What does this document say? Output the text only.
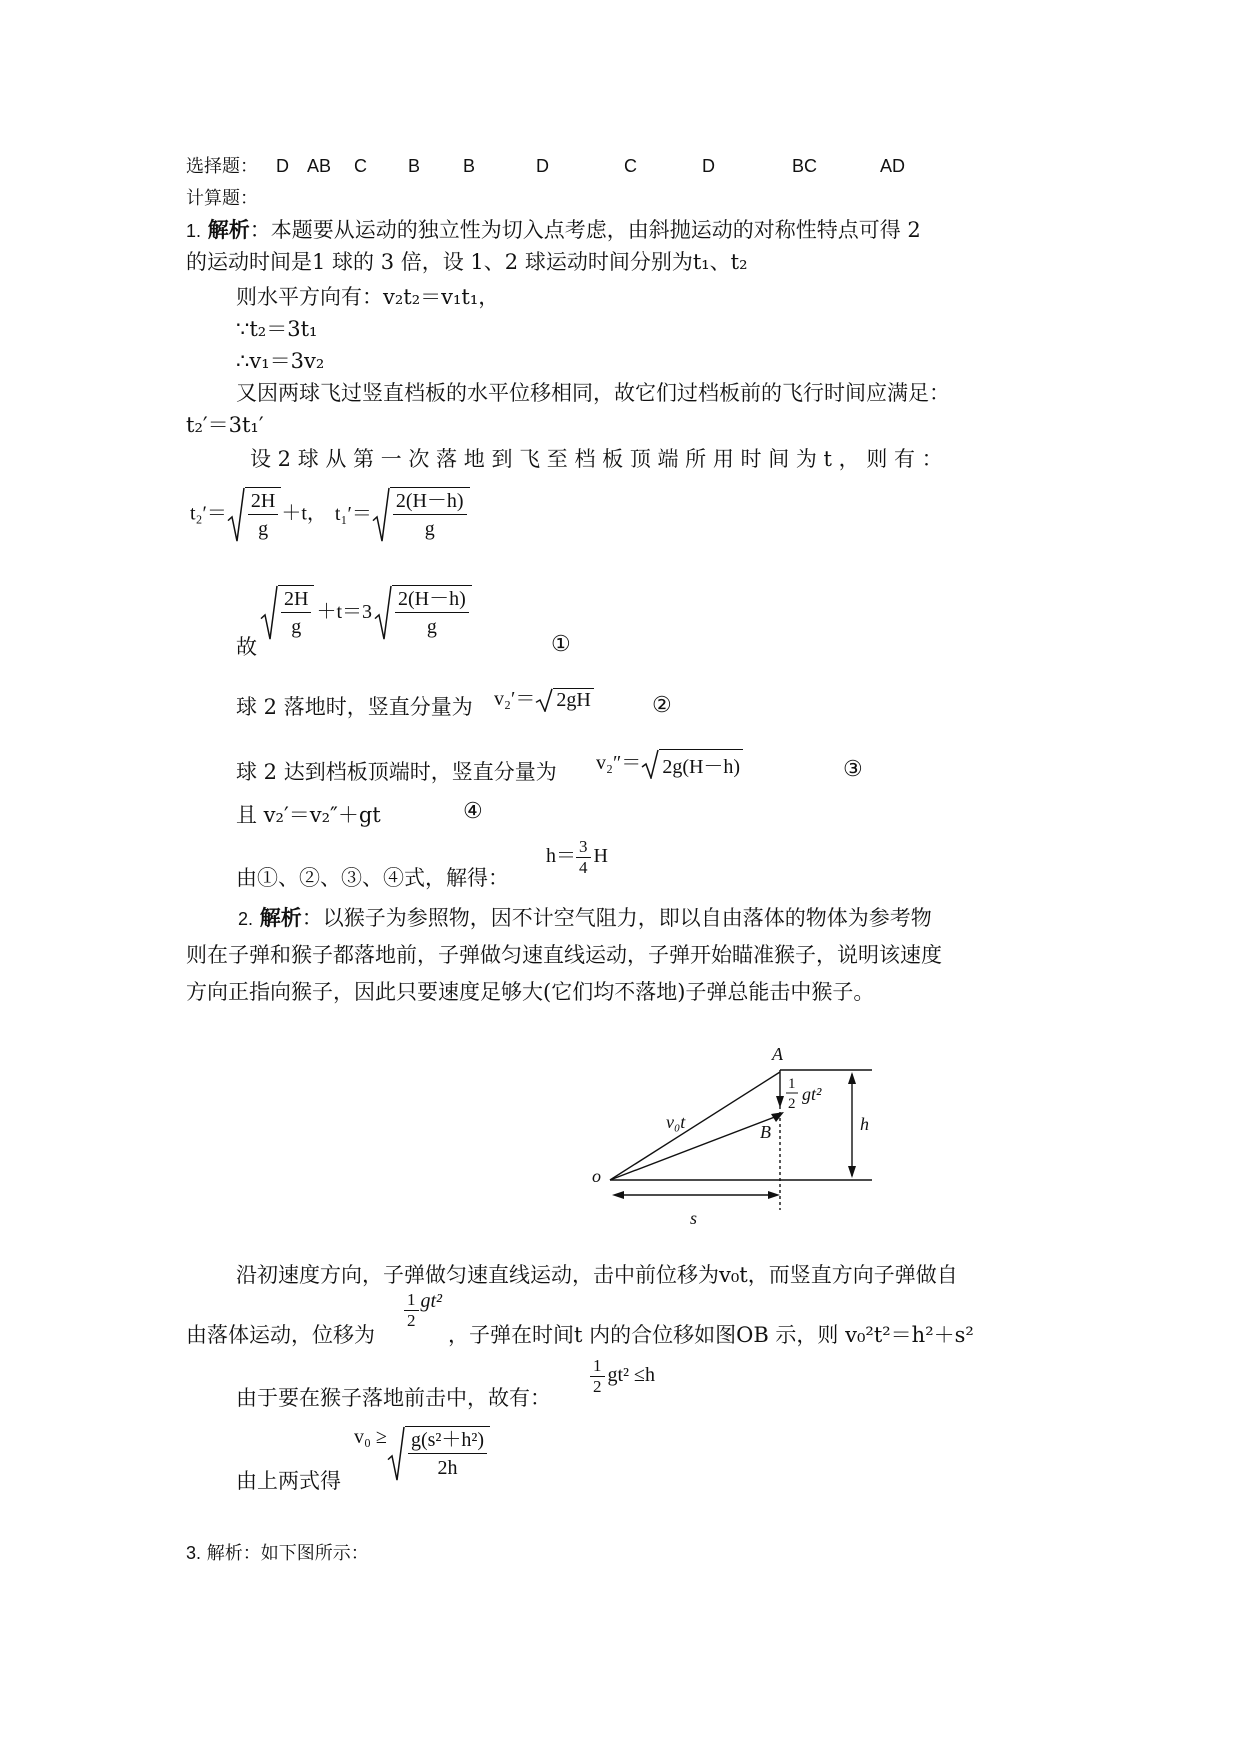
选择题： D AB C B B	D	C	D	BC	AD
计算题：
1. 解析：本题要从运动的独立性为切入点考虑，由斜抛运动的对称性特点可得 2
的运动时间是1 球的 3 倍，设 1、2 球运动时间分别为t₁、t₂
则水平方向有：v₂t₂＝v₁t₁，
∵t₂＝3t₁
∴v₁＝3v₂
又因两球飞过竖直档板的水平位移相同，故它们过档板前的飞行时间应满足：
t₂′＝3t₁′
设 2 球 从 第 一 次 落 地 到 飞 至 档 板 顶 端 所 用 时 间 为 t ， 则 有 ：
$t_2'= \frac{2H}{g} +t$， $t_1'= \frac{2(H-h)}{g}$
故
$\frac{2H}{g} +t=3 \frac{2(H-h)}{g}$
①
球 2 落地时，竖直分量为 v₂′＝ 2gH	②
球 2 达到档板顶端时，竖直分量为 v₂″＝ 2g(H－h)	③
且 v₂′＝v₂″＋gt	④
由①、②、③、④式，解得：
$h= \frac{3}{4}$ H
2. 解析：以猴子为参照物，因不计空气阻力，即以自由落体的物体为参考物
则在子弹和猴子都落地前，子弹做匀速直线运动，子弹开始瞄准猴子，说明该速度
方向正指向猴子，因此只要速度足够大(它们均不落地)子弹总能击中猴子。
A
B
o
v₀t
1
2 gt²
h
s
沿初速度方向，子弹做匀速直线运动，击中前位移为v₀t，而竖直方向子弹做自
由落体运动，位移为
$\frac{1}{2} gt^2$
，子弹在时间t 内的合位移如图OB 示，则 v₀²t²＝h²＋s²
由于要在猴子落地前击中，故有：
$\frac{1}{2} gt^2 \le h$
由上两式得
$v_0 \ge \frac{\text{g(s²＋h²)}}{2h}$
3. 解析：如下图所示：
